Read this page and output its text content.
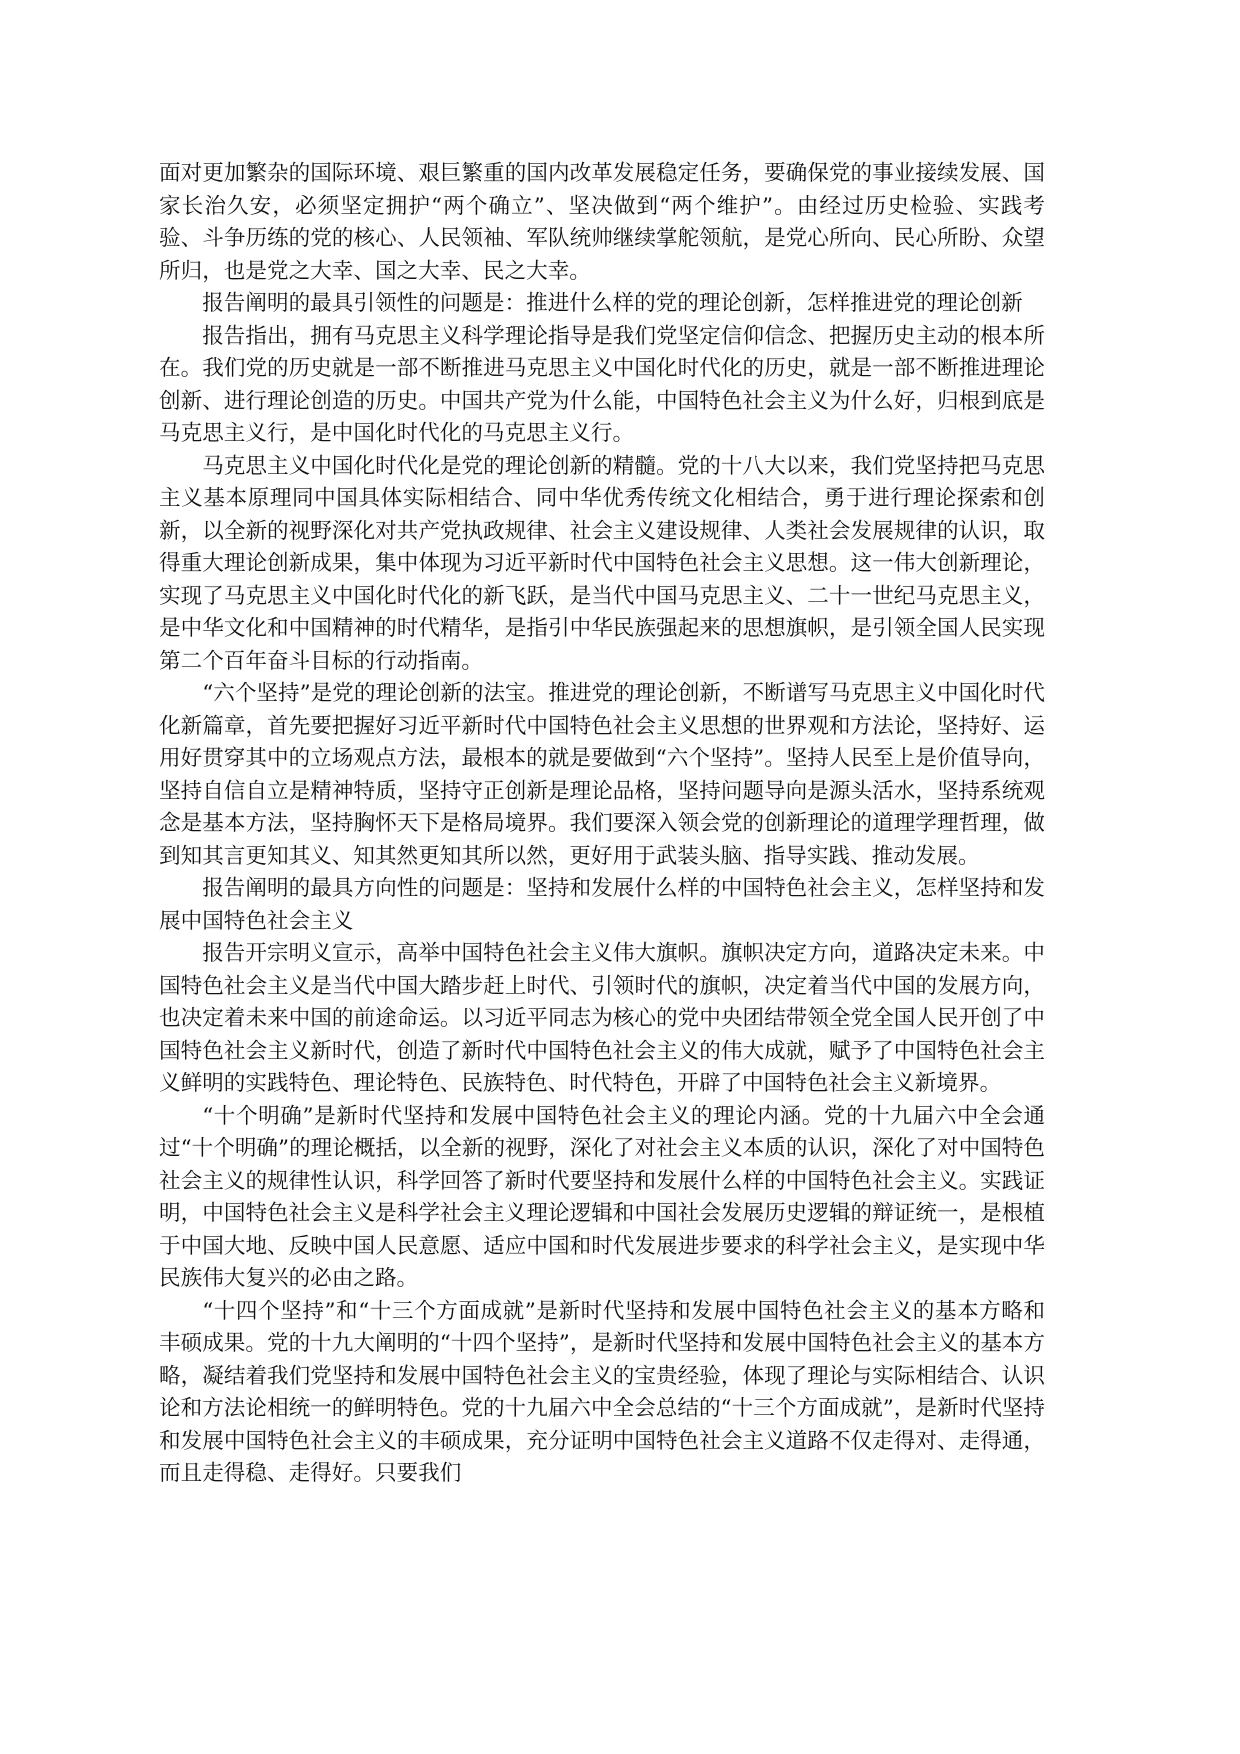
面对更加繁杂的国际环境、艰巨繁重的国内改革发展稳定任务，要确保党的事业接续发展、国家长治久安，必须坚定拥护“两个确立”、坚决做到“两个维护”。由经过历史检验、实践考验、斗争历练的党的核心、人民领袖、军队统帅继续掌舵领航，是党心所向、民心所盼、众望所归，也是党之大幸、国之大幸、民之大幸。

报告阐明的最具引领性的问题是：推进什么样的党的理论创新，怎样推进党的理论创新

报告指出，拥有马克思主义科学理论指导是我们党坚定信仰信念、把握历史主动的根本所在。我们党的历史就是一部不断推进马克思主义中国化时代化的历史，就是一部不断推进理论创新、进行理论创造的历史。中国共产党为什么能，中国特色社会主义为什么好，归根到底是马克思主义行，是中国化时代化的马克思主义行。

马克思主义中国化时代化是党的理论创新的精髓。党的十八大以来，我们党坚持把马克思主义基本原理同中国具体实际相结合、同中华优秀传统文化相结合，勇于进行理论探索和创新，以全新的视野深化对共产党执政规律、社会主义建设规律、人类社会发展规律的认识，取得重大理论创新成果，集中体现为习近平新时代中国特色社会主义思想。这一伟大创新理论，实现了马克思主义中国化时代化的新飞跃，是当代中国马克思主义、二十一世纪马克思主义，是中华文化和中国精神的时代精华，是指引中华民族强起来的思想旗帜，是引领全国人民实现第二个百年奋斗目标的行动指南。

“六个坚持”是党的理论创新的法宝。推进党的理论创新，不断谱写马克思主义中国化时代化新篇章，首先要把握好习近平新时代中国特色社会主义思想的世界观和方法论，坚持好、运用好贯穿其中的立场观点方法，最根本的就是要做到“六个坚持”。坚持人民至上是价值导向，坚持自信自立是精神特质，坚持守正创新是理论品格，坚持问题导向是源头活水，坚持系统观念是基本方法，坚持胸怀天下是格局境界。我们要深入领会党的创新理论的道理学理哲理，做到知其言更知其义、知其然更知其所以然，更好用于武装头脑、指导实践、推动发展。

报告阐明的最具方向性的问题是：坚持和发展什么样的中国特色社会主义，怎样坚持和发展中国特色社会主义

报告开宗明义宣示，高举中国特色社会主义伟大旗帜。旗帜决定方向，道路决定未来。中国特色社会主义是当代中国大踏步赶上时代、引领时代的旗帜，决定着当代中国的发展方向，也决定着未来中国的前途命运。以习近平同志为核心的党中央团结带领全党全国人民开创了中国特色社会主义新时代，创造了新时代中国特色社会主义的伟大成就，赋予了中国特色社会主义鲜明的实践特色、理论特色、民族特色、时代特色，开辟了中国特色社会主义新境界。

“十个明确”是新时代坚持和发展中国特色社会主义的理论内涵。党的十九届六中全会通过“十个明确”的理论概括，以全新的视野，深化了对社会主义本质的认识，深化了对中国特色社会主义的规律性认识，科学回答了新时代要坚持和发展什么样的中国特色社会主义。实践证明，中国特色社会主义是科学社会主义理论逻辑和中国社会发展历史逻辑的辩证统一，是根植于中国大地、反映中国人民意愿、适应中国和时代发展进步要求的科学社会主义，是实现中华民族伟大复兴的必由之路。

“十四个坚持”和“十三个方面成就”是新时代坚持和发展中国特色社会主义的基本方略和丰硕成果。党的十九大阐明的“十四个坚持”，是新时代坚持和发展中国特色社会主义的基本方略，凝结着我们党坚持和发展中国特色社会主义的宝贵经验，体现了理论与实际相结合、认识论和方法论相统一的鲜明特色。党的十九届六中全会总结的“十三个方面成就”，是新时代坚持和发展中国特色社会主义的丰硕成果，充分证明中国特色社会主义道路不仅走得对、走得通，而且走得稳、走得好。只要我们
